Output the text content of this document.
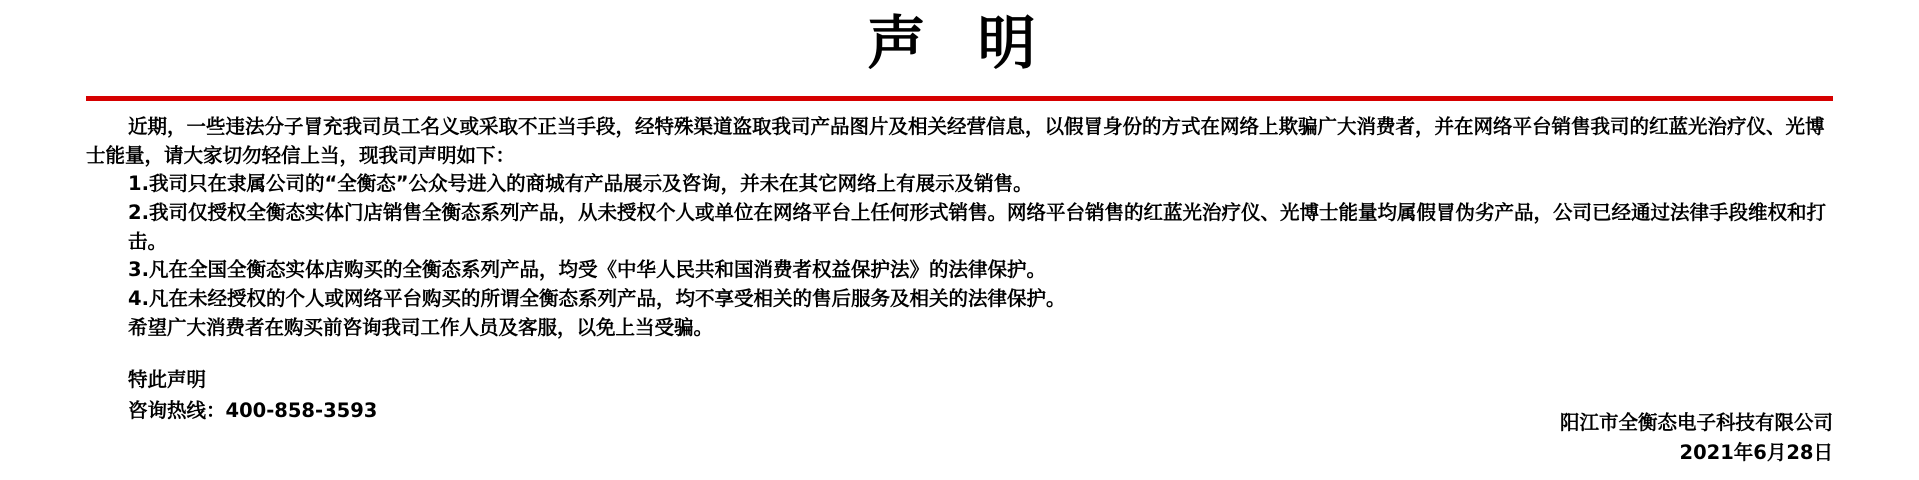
声 明

近期，一些违法分子冒充我司员工名义或采取不正当手段，经特殊渠道盗取我司产品图片及相关经营信息，以假冒身份的方式在网络上欺骗广大消费者，并在网络平台销售我司的红蓝光治疗仪、光博士能量，请大家切勿轻信上当，现我司声明如下：

1.我司只在隶属公司的“全衡态”公众号进入的商城有产品展示及咨询，并未在其它网络上有展示及销售。

2.我司仅授权全衡态实体门店销售全衡态系列产品，从未授权个人或单位在网络平台上任何形式销售。网络平台销售的红蓝光治疗仪、光博士能量均属假冒伪劣产品，公司已经通过法律手段维权和打击。

3.凡在全国全衡态实体店购买的全衡态系列产品，均受《中华人民共和国消费者权益保护法》的法律保护。

4.凡在未经授权的个人或网络平台购买的所谓全衡态系列产品，均不享受相关的售后服务及相关的法律保护。

希望广大消费者在购买前咨询我司工作人员及客服，以免上当受骗。

特此声明
咨询热线：400-858-3593	阳江市全衡态电子科技有限公司
2021年6月28日
